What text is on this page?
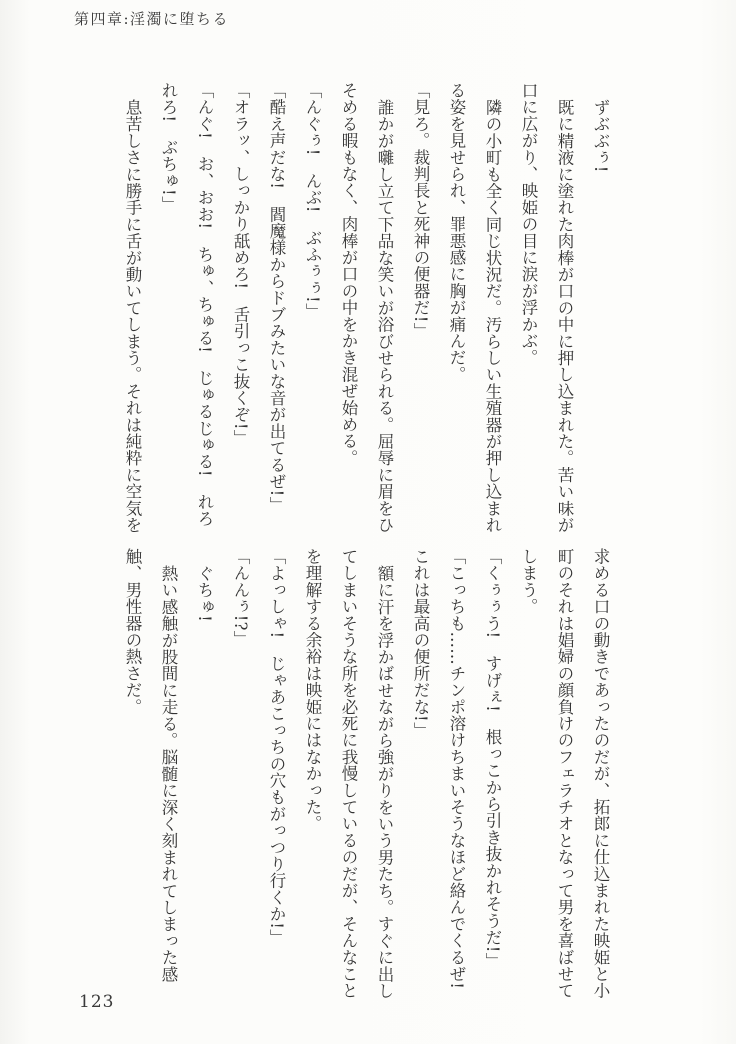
第四章:淫濁に堕ちる

ずぶぶぅ!

既に精液に塗れた肉棒が口の中に押し込まれた。苦い味が口に広がり、映姫の目に涙が浮かぶ。

隣の小町も全く同じ状況だ。汚らしい生殖器が押し込まれる姿を見せられ、罪悪感に胸が痛んだ。

「見ろ。裁判長と死神の便器だ!」

誰かが囃し立て下品な笑いが浴びせられる。屈辱に眉をひそめる暇もなく、肉棒が口の中をかき混ぜ始める。

「んぐぅ!　んぶ!　ぶふぅぅ!」

「酷え声だな!　閻魔様からドブみたいな音が出てるぜ!」

「オラッ、しっかり舐めろ!　舌引っこ抜くぞ!」

「んぐ!　お、おお!　ちゅ、ちゅる!　じゅるじゅる!　れろれろ!　ぶちゅ!」

息苦しさに勝手に舌が動いてしまう。それは純粋に空気を

求める口の動きであったのだが、拓郎に仕込まれた映姫と小町のそれは娼婦の顔負けのフェラチオとなって男を喜ばせてしまう。

「くぅぅう!　すげぇ!　根っこから引き抜かれそうだ!」

「こっちも……チンポ溶けちまいそうなほど絡んでくるぜ!これは最高の便所だな!」

額に汗を浮かばせながら強がりをいう男たち。すぐに出してしまいそうな所を必死に我慢しているのだが、そんなことを理解する余裕は映姫にはなかった。

「よっしゃ!　じゃあこっちの穴もがっつり行くか!」

「んんぅ!?」

ぐちゅ!

熱い感触が股間に走る。脳髄に深く刻まれてしまった感触、男性器の熱さだ。

123
